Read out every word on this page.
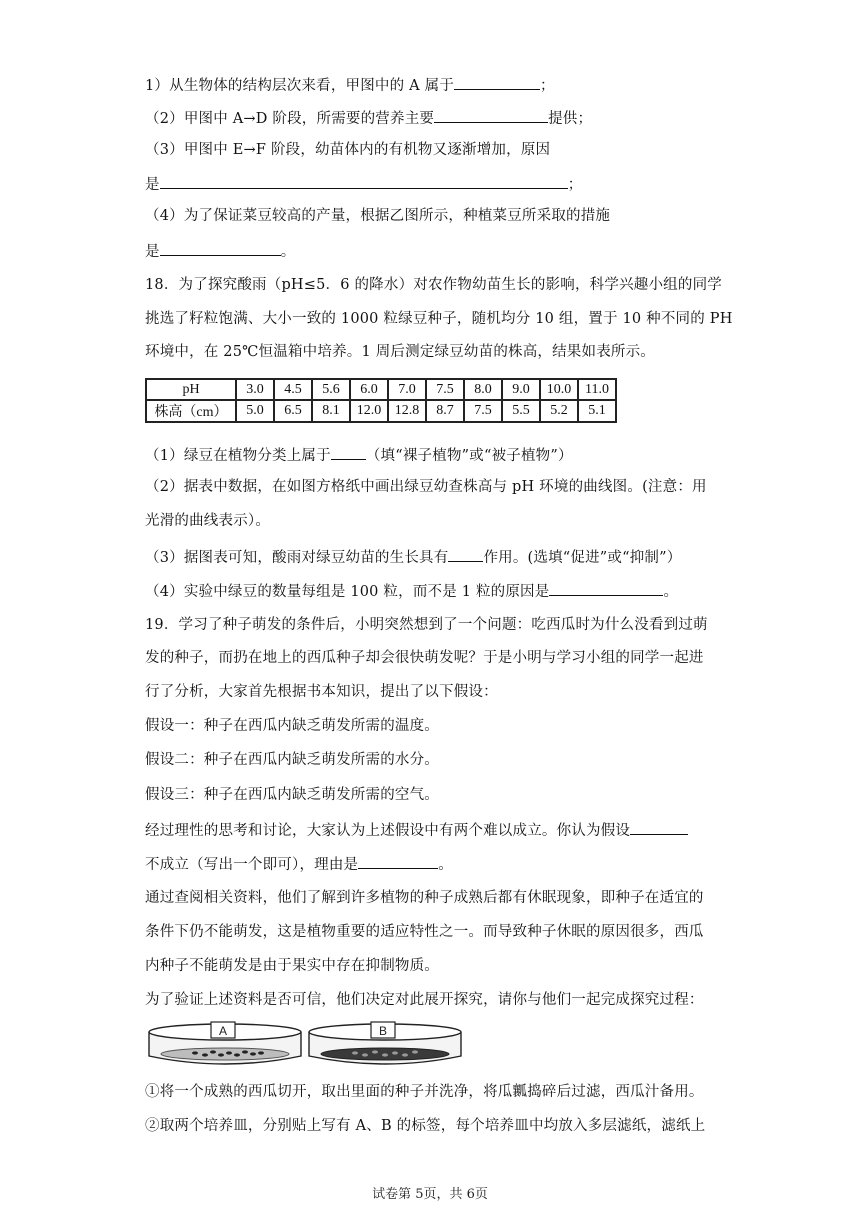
1）从生物体的结构层次来看，甲图中的 A 属于	；
（2）甲图中 A→D 阶段，所需要的营养主要	提供；
（3）甲图中 E→F 阶段，幼苗体内的有机物又逐渐增加，原因
是	；
（4）为了保证菜豆较高的产量，根据乙图所示，种植菜豆所采取的措施
是	。
18．为了探究酸雨（pH≤5．6 的降水）对农作物幼苗生长的影响，科学兴趣小组的同学
挑选了籽粒饱满、大小一致的 1000 粒绿豆种子，随机均分 10 组，置于 10 种不同的 PH
环境中，在 25℃恒温箱中培养。1 周后测定绿豆幼苗的株高，结果如表所示。
pH	3.0	4.5	5.6	6.0	7.0	7.5	8.0	9.0	10.0	11.0
株高（cm）	5.0	6.5	8.1	12.0	12.8	8.7	7.5	5.5	5.2	5.1
（1）绿豆在植物分类上属于 （填“裸子植物”或“被子植物”）
（2）据表中数据，在如图方格纸中画出绿豆幼查株高与 pH 环境的曲线图。(注意：用
光滑的曲线表示）。
（3）据图表可知，酸雨对绿豆幼苗的生长具有 作用。(选填“促进”或“抑制”）
（4）实验中绿豆的数量每组是 100 粒，而不是 1 粒的原因是	。
19．学习了种子萌发的条件后，小明突然想到了一个问题：吃西瓜时为什么没看到过萌
发的种子，而扔在地上的西瓜种子却会很快萌发呢？于是小明与学习小组的同学一起进
行了分析，大家首先根据书本知识，提出了以下假设：
假设一：种子在西瓜内缺乏萌发所需的温度。
假设二：种子在西瓜内缺乏萌发所需的水分。
假设三：种子在西瓜内缺乏萌发所需的空气。
经过理性的思考和讨论，大家认为上述假设中有两个难以成立。你认为假设
不成立（写出一个即可），理由是	。
通过查阅相关资料，他们了解到许多植物的种子成熟后都有休眠现象，即种子在适宜的
条件下仍不能萌发，这是植物重要的适应特性之一。而导致种子休眠的原因很多，西瓜
内种子不能萌发是由于果实中存在抑制物质。
为了验证上述资料是否可信，他们决定对此展开探究，请你与他们一起完成探究过程：
A	B
①将一个成熟的西瓜切开，取出里面的种子并洗净，将瓜瓤捣碎后过滤，西瓜汁备用。
②取两个培养皿，分别贴上写有 A、B 的标签，每个培养皿中均放入多层滤纸，滤纸上
试卷第 5页，共 6页
